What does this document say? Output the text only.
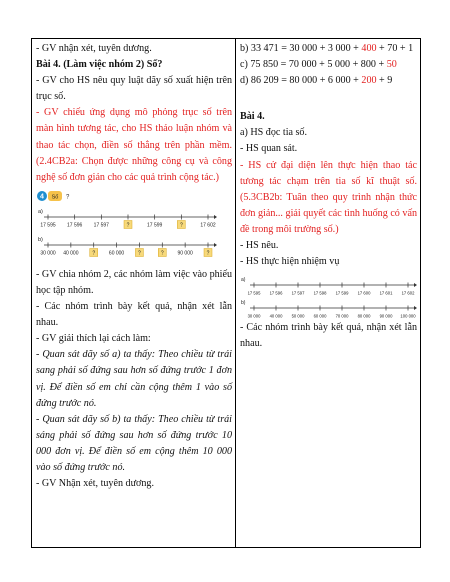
- GV nhận xét, tuyên dương.

Bài 4. (Làm việc nhóm 2) Số?

- GV cho HS nêu quy luật dãy số xuất hiện trên trục số.

- GV chiếu ứng dụng mô phỏng trục số trên màn hình tương tác, cho HS thảo luận nhóm và thao tác chọn, điền số thẳng trên phần mềm. (2.4CB2a: Chọn được những công cụ và công nghệ số đơn giản cho các quả trình cộng tác.)

4 Số ?
a)
17 595 17 596 17 597	?	17 599	?	17 602
b)
30 000 40 000	?	60 000	?	?	90 000	?

- GV chia nhóm 2, các nhóm làm việc vào phiếu học tập nhóm.

- Các nhóm trình bày kết quả, nhận xét lẫn nhau.

- GV giải thích lại cách làm:

- Quan sát dãy số a) ta thấy: Theo chiều từ trái sang phải số đứng sau hơn số đứng trước 1 đơn vị. Để điền số em chỉ cần cộng thêm 1 vào số đứng trước nó.

- Quan sát dãy số b) ta thấy: Theo chiều từ trái sáng phải số đứng sau hơn số đứng trước 10 000 đơn vị. Để điền số em cộng thêm 10 000 vào số đứng trước nó.

- GV Nhận xét, tuyên dương.

b) 33 471 = 30 000 + 3 000 + 400 + 70 + 1

c) 75 850 = 70 000 + 5 000 + 800 + 50

d) 86 209 = 80 000 + 6 000 + 200 + 9

Bài 4.

a) HS đọc tia số.

- HS quan sát.

- HS cử đại diện lên thực hiện thao tác tương tác chạm trên tia số kĩ thuật số. (5.3CB2b: Tuân theo quy trình nhận thức đơn giản... giải quyết các tình huống có vấn đề trong môi trường số.)

- HS nêu.

- HS thực hiện nhiệm vụ

a)
17 595 17 596 17 597 17 598 17 599 17 600 17 601 17 602
b)
30 000 40 000 50 000 60 000 70 000 80 000 90 000 100 000

- Các nhóm trình bày kết quả, nhận xét lẫn nhau.
